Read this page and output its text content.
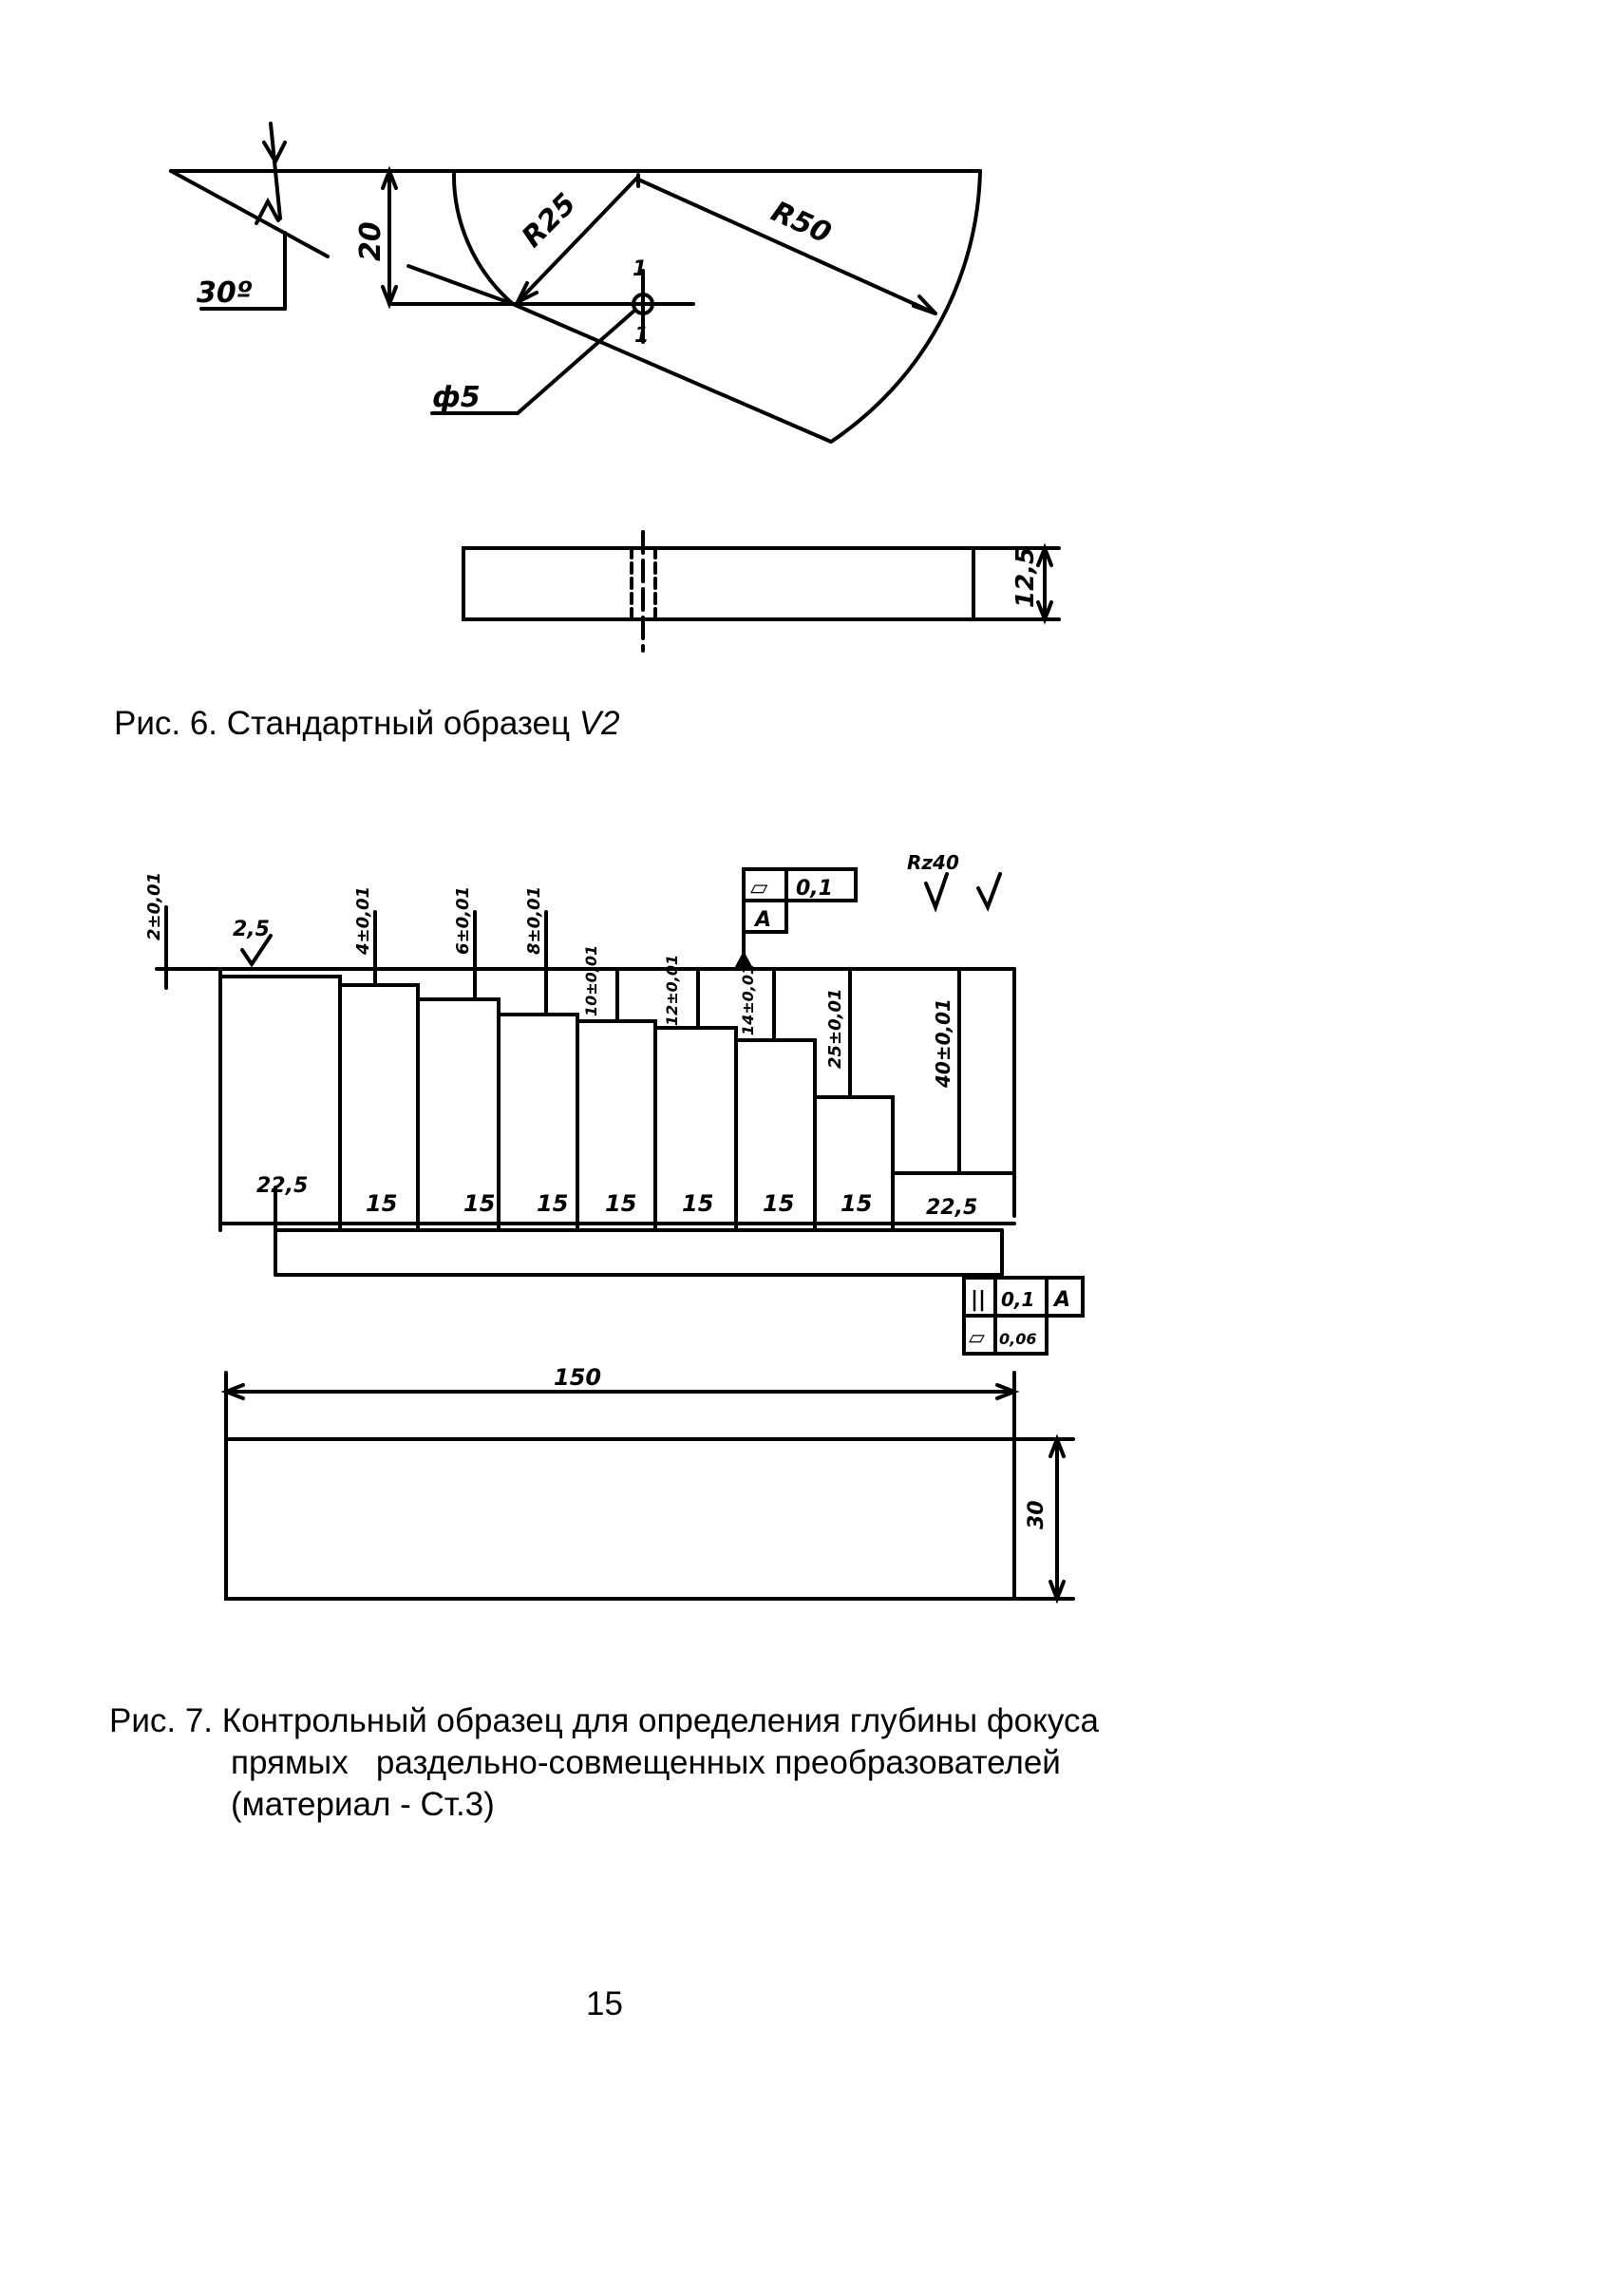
30º
20	R25	R50
ф5
1
1
12,5
Rz40
2,5
▱ 0,1
A
|| 0,1 A
▱ 0,06
2±0,01	4±0,01	6±0,01	8±0,01
10±0,01	12±0,01	14±0,01	25±0,01	40±0,01
22,5
15	15 15 15 15 15 15	22,5
150
30
Рис. 6. Стандартный образец V2
Рис. 7. Контрольный образец для определения глубины фокуса
прямых   раздельно-совмещенных преобразователей
(материал - Ст.3)
15
